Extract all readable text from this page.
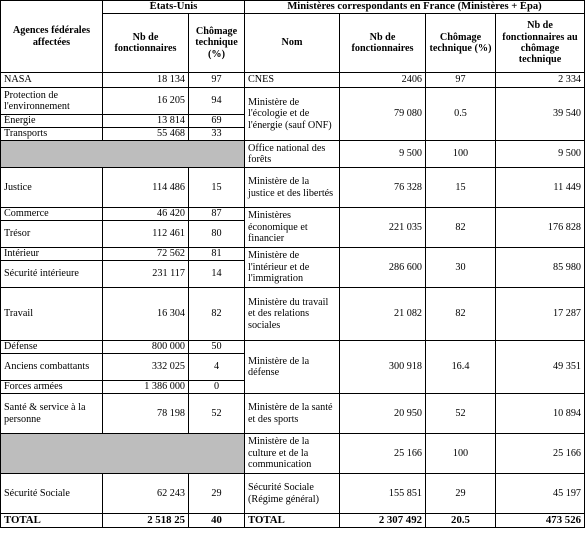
Agences fédérales affectées	États-Unis		Ministères correspondants en France (Ministères + Épa)			
	Nb de fonctionnaires	Chômage technique (%)	Nom	Nb de fonctionnaires	Chômage technique (%)	Nb de fonctionnaires au chômage technique
NASA	18 134	97	CNES	2406	97	2 334
Protection de l'environnement	16 205	94	Ministère de l'écologie et de l'énergie (sauf ONF)	79 080	0.5	39 540
Énergie	13 814	69				
Transports	55 468	33				
			Office national des forêts	9 500	100	9 500
Justice	114 486	15	Ministère de la justice et des libertés	76 328	15	11 449
Commerce	46 420	87	Ministères économique et financier	221 035	82	176 828
Trésor	112 461	80				
Intérieur	72 562	81	Ministère de l'intérieur et de l'immigration	286 600	30	85 980
Sécurité intérieure	231 117	14				
Travail	16 304	82	Ministère du travail et des relations sociales	21 082	82	17 287
Défense	800 000	50	Ministère de la défense	300 918	16.4	49 351
Anciens combattants	332 025	4				
Forces armées	1 386 000	0				
Santé & service à la personne	78 198	52	Ministère de la santé et des sports	20 950	52	10 894
			Ministère de la culture et de la communication	25 166	100	25 166
Sécurité Sociale	62 243	29	Sécurité Sociale (Régime général)	155 851	29	45 197
TOTAL	2 518 25	40	TOTAL	2 307 492	20.5	473 526
